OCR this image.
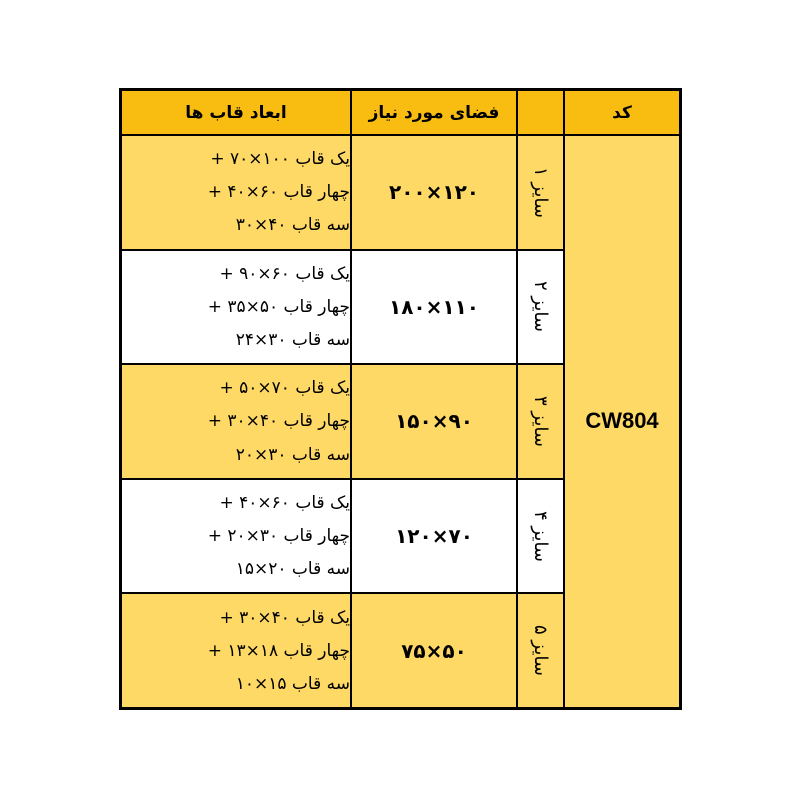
ابعاد قاب ها	فضای مورد نیاز	کد
یک قاب ۱۰۰×۷۰ +
چهار قاب ۶۰×۴۰ +
سه قاب ۴۰×۳۰
۱۲۰×۲۰۰
سایز ۱
CW804
یک قاب ۶۰×۹۰ +
چهار قاب ۵۰×۳۵ +
سه قاب ۳۰×۲۴
۱۱۰×۱۸۰
سایز ۲
یک قاب ۷۰×۵۰ +
چهار قاب ۴۰×۳۰ +
سه قاب ۳۰×۲۰
۹۰×۱۵۰
سایز ۳
یک قاب ۶۰×۴۰ +
چهار قاب ۳۰×۲۰ +
سه قاب ۲۰×۱۵
۷۰×۱۲۰
سایز ۴
یک قاب ۴۰×۳۰ +
چهار قاب ۱۸×۱۳ +
سه قاب ۱۵×۱۰
۵۰×۷۵
سایز ۵
